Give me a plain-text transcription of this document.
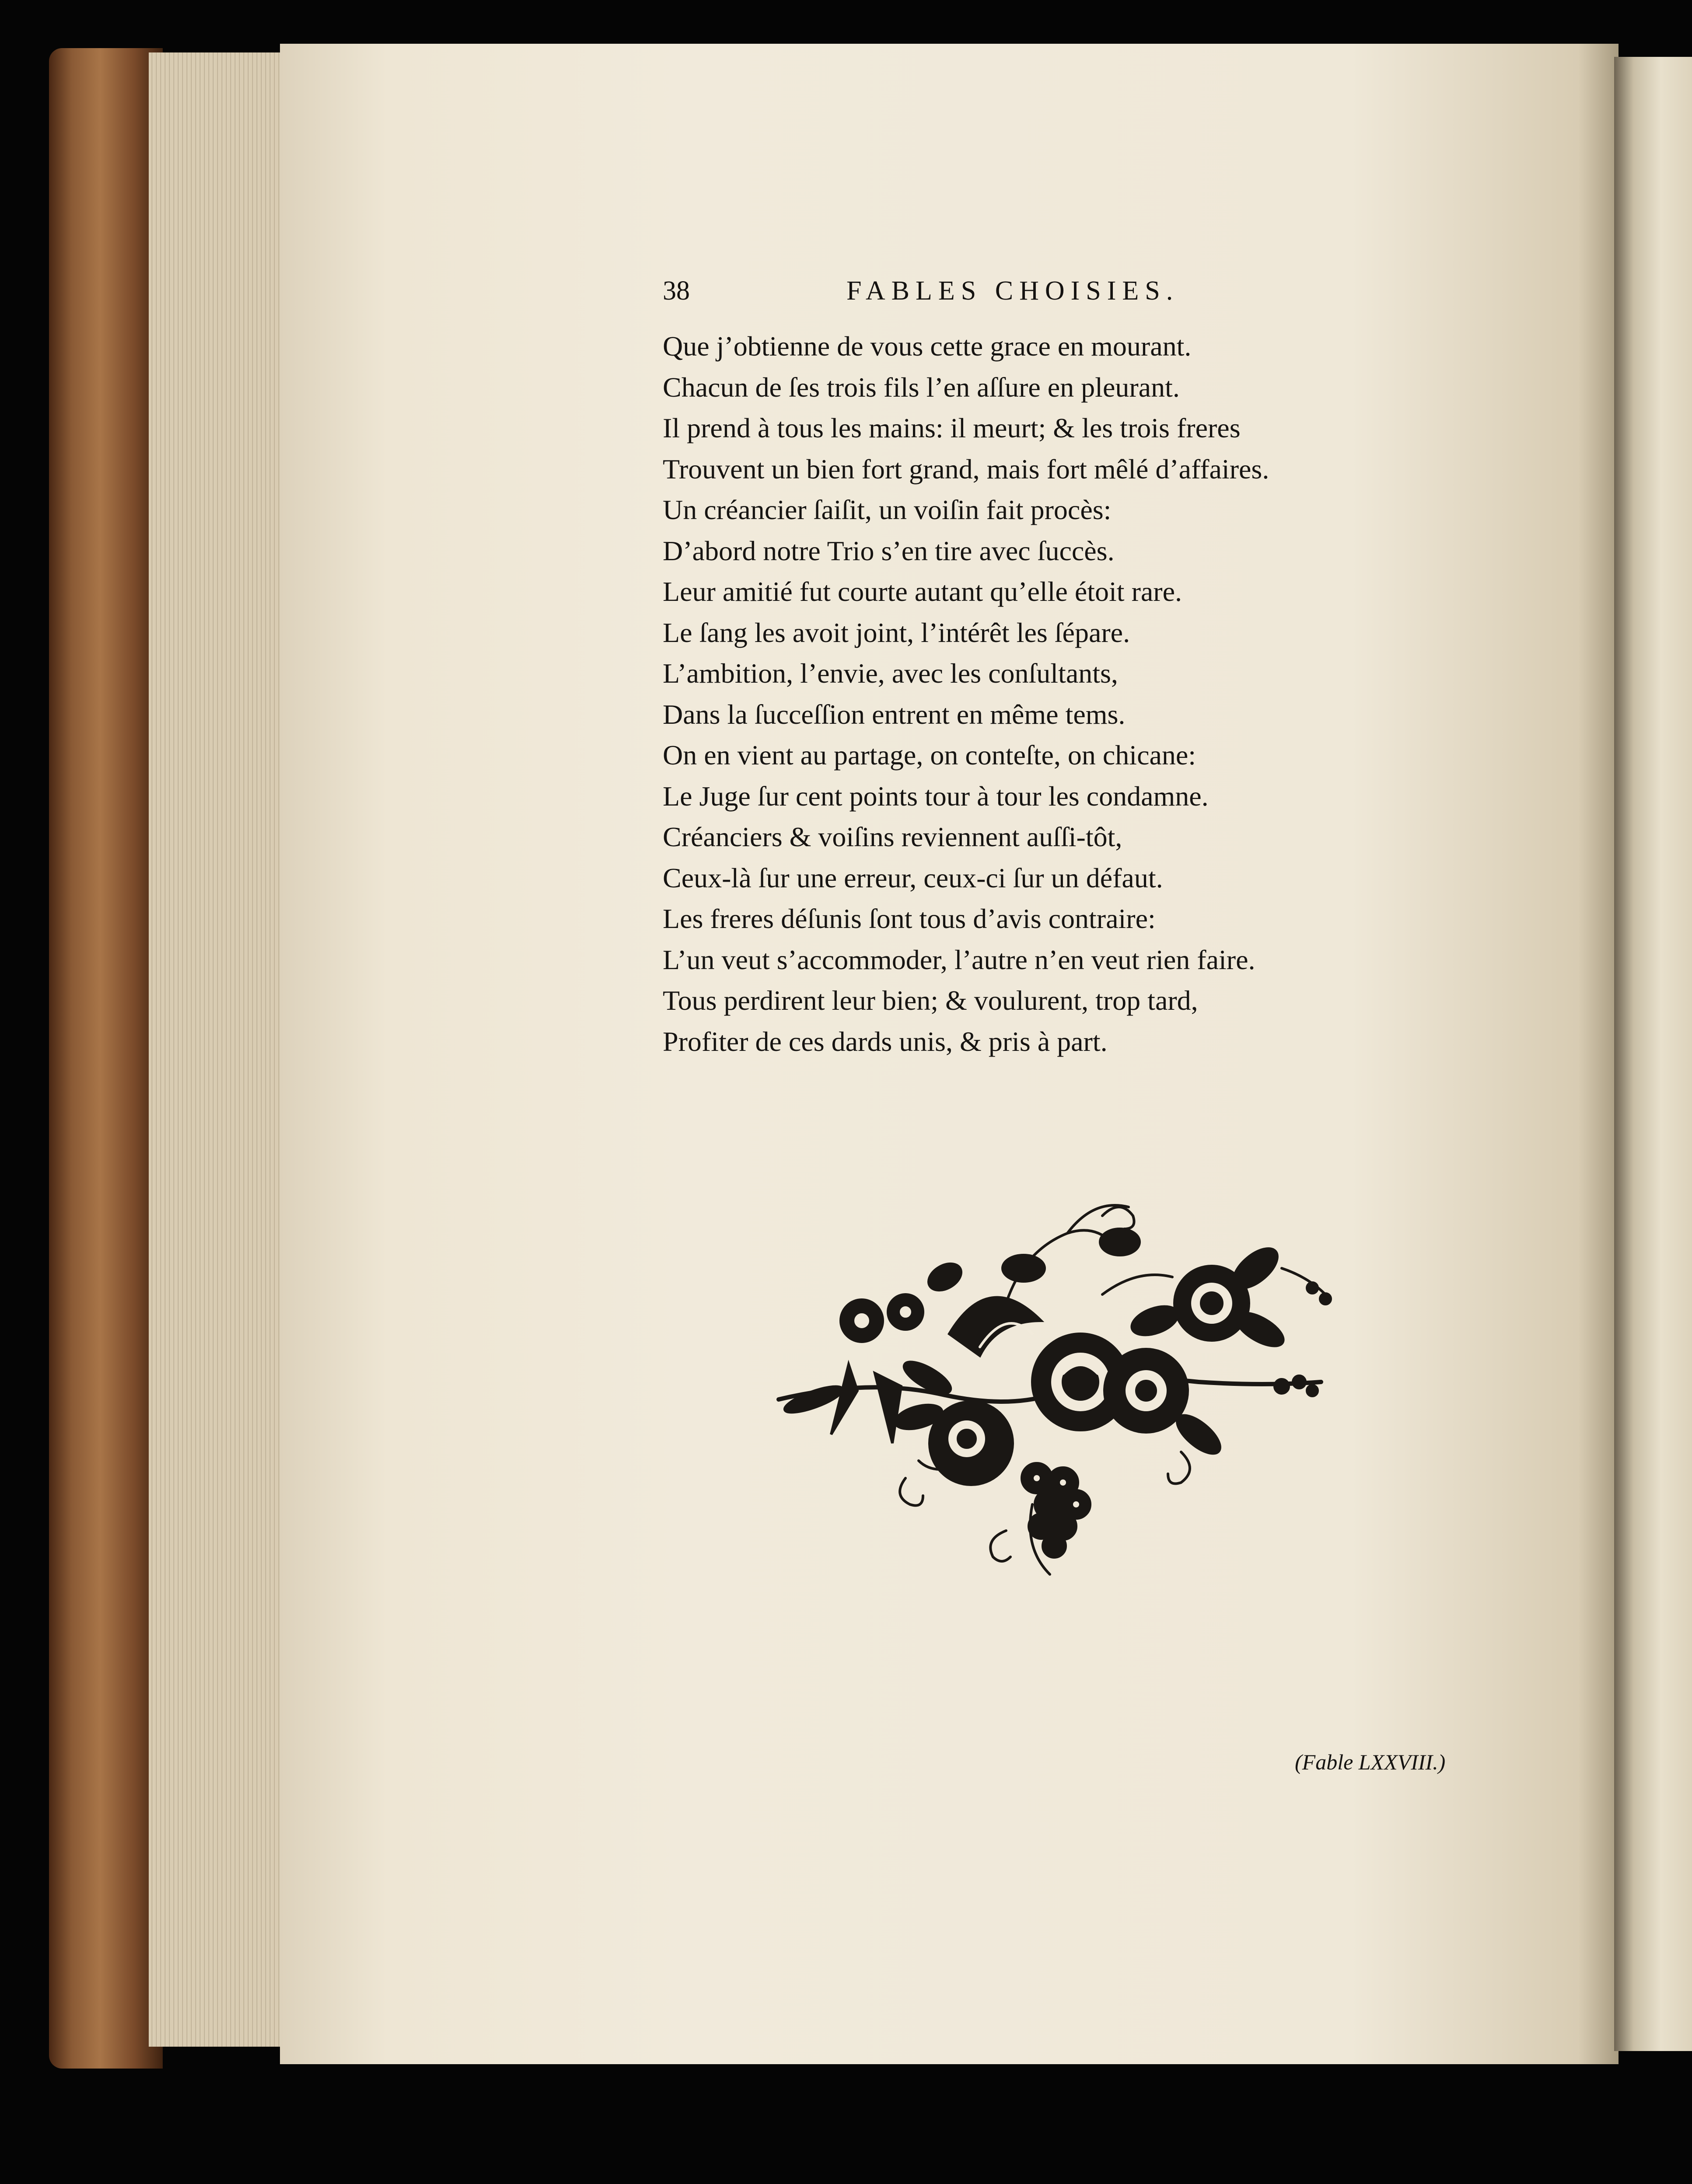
38	FABLES CHOISIES.
Que j’obtienne de vous cette grace en mourant.
Chacun de ſes trois fils l’en aſſure en pleurant.
Il prend à tous les mains: il meurt; & les trois freres
Trouvent un bien fort grand, mais fort mêlé d’affaires.
Un créancier ſaiſit, un voiſin fait procès:
D’abord notre Trio s’en tire avec ſuccès.
Leur amitié fut courte autant qu’elle étoit rare.
Le ſang les avoit joint, l’intérêt les ſépare.
L’ambition, l’envie, avec les conſultants,
Dans la ſucceſſion entrent en même tems.
On en vient au partage, on conteſte, on chicane:
Le Juge ſur cent points tour à tour les condamne.
Créanciers & voiſins reviennent auſſi-tôt,
Ceux-là ſur une erreur, ceux-ci ſur un défaut.
Les freres déſunis ſont tous d’avis contraire:
L’un veut s’accommoder, l’autre n’en veut rien faire.
Tous perdirent leur bien; & voulurent, trop tard,
Profiter de ces dards unis, & pris à part.
(Fable LXXVIII.)
